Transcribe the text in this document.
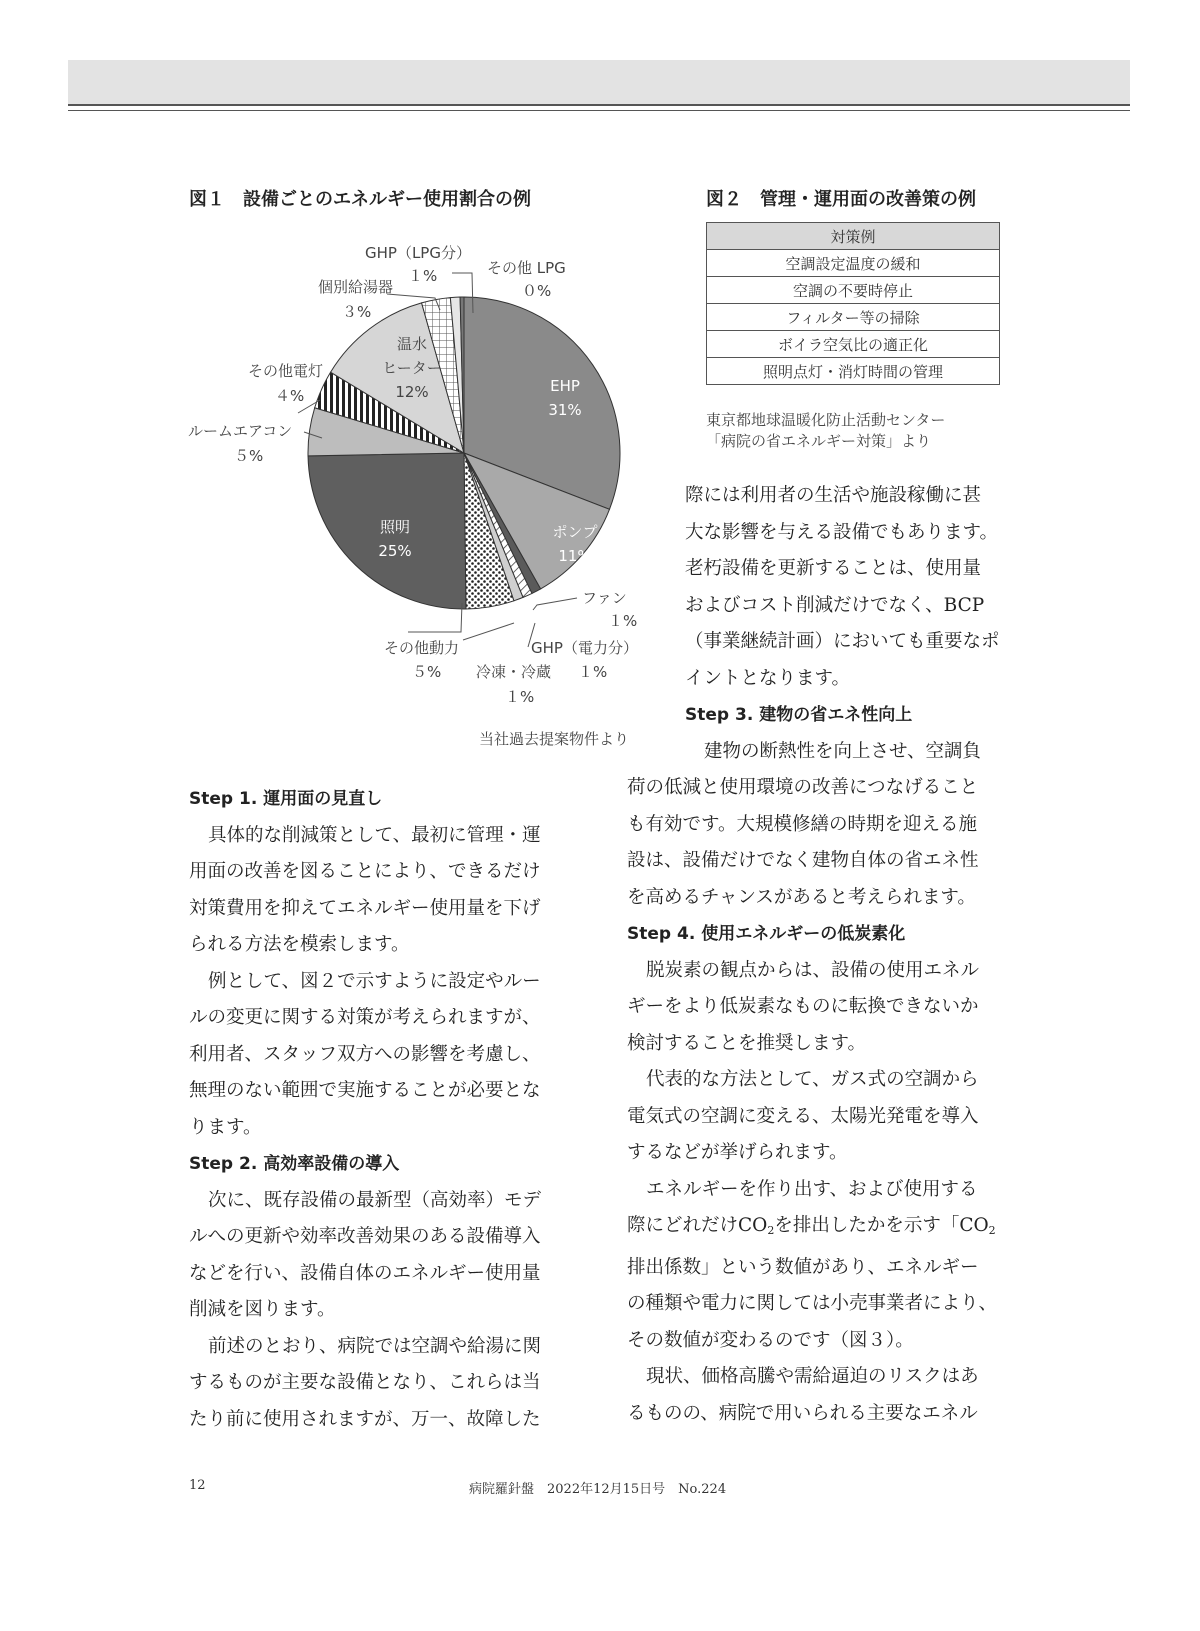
図１　設備ごとのエネルギー使用割合の例
GHP（LPG分）
１%	その他 LPG
０%
個別給湯器
３%
その他電灯
４%
ルームエアコン
５%
ファン
１%
GHP（電力分）
１%
冷凍・冷蔵
１%
その他動力
５%
EHP
31%
ポンプ
11%
照明
25%
温水
ヒーター
12%
当社過去提案物件より
図２　管理・運用面の改善策の例
対策例
空調設定温度の緩和
空調の不要時停止
フィルター等の掃除
ボイラ空気比の適正化
照明点灯・消灯時間の管理
東京都地球温暖化防止活動センター
「病院の省エネルギー対策」より

Step 1. 運用面の見直し

具体的な削減策として、最初に管理・運

用面の改善を図ることにより、できるだけ

対策費用を抑えてエネルギー使用量を下げ

られる方法を模索します。

例として、図２で示すように設定やルー

ルの変更に関する対策が考えられますが、

利用者、スタッフ双方への影響を考慮し、

無理のない範囲で実施することが必要とな

ります。

Step 2. 高効率設備の導入

次に、既存設備の最新型（高効率）モデ

ルへの更新や効率改善効果のある設備導入

などを行い、設備自体のエネルギー使用量

削減を図ります。

前述のとおり、病院では空調や給湯に関

するものが主要な設備となり、これらは当

たり前に使用されますが、万一、故障した

際には利用者の生活や施設稼働に甚

大な影響を与える設備でもあります。

老朽設備を更新することは、使用量

およびコスト削減だけでなく、BCP

（事業継続計画）においても重要なポ

イントとなります。

Step 3. 建物の省エネ性向上

建物の断熱性を向上させ、空調負

荷の低減と使用環境の改善につなげること

も有効です。大規模修繕の時期を迎える施

設は、設備だけでなく建物自体の省エネ性

を高めるチャンスがあると考えられます。

Step 4. 使用エネルギーの低炭素化

脱炭素の観点からは、設備の使用エネル

ギーをより低炭素なものに転換できないか

検討することを推奨します。

代表的な方法として、ガス式の空調から

電気式の空調に変える、太陽光発電を導入

するなどが挙げられます。

エネルギーを作り出す、および使用する

際にどれだけ$CO_2$を排出したかを示す「$CO_2$

排出係数」という数値があり、エネルギー

の種類や電力に関しては小売事業者により、

その数値が変わるのです（図３）。

現状、価格高騰や需給逼迫のリスクはあ

るものの、病院で用いられる主要なエネル

12	病院羅針盤　2022年12月15日号　No.224
